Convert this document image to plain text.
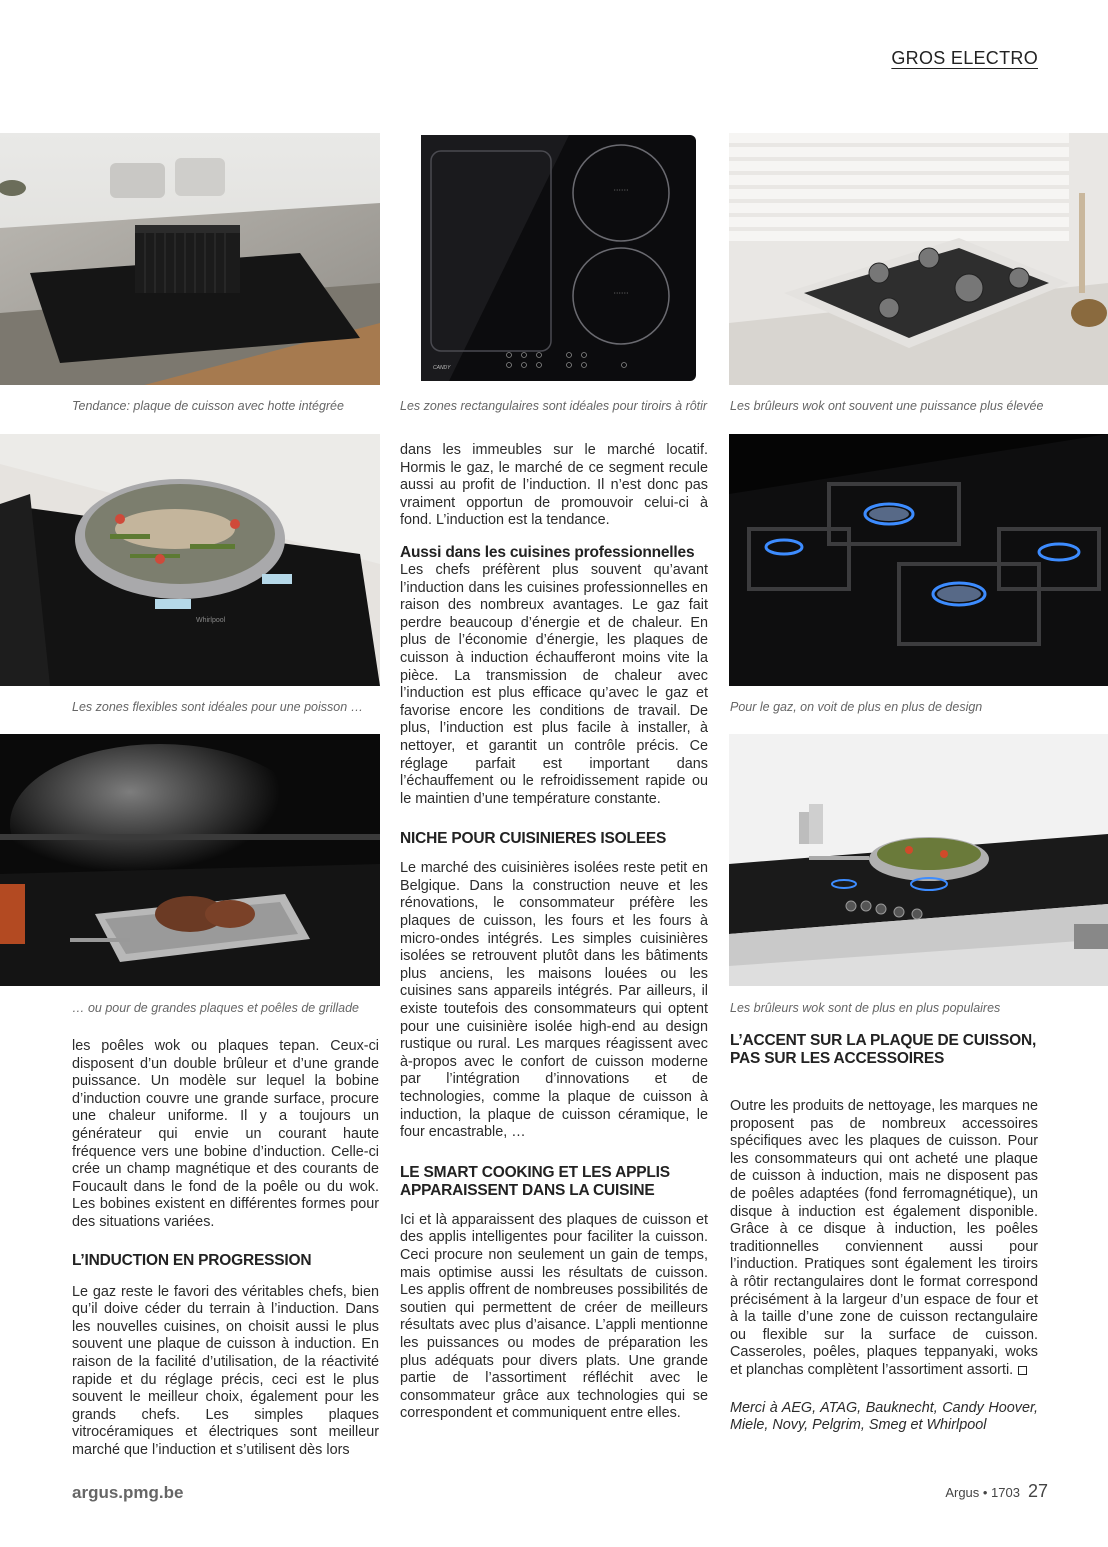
GROS ELECTRO
• • • • • •
• • • • • •
CANDY
Tendance: plaque de cuisson avec hotte intégrée	Les zones rectangulaires sont idéales pour tiroirs à rôtir Les brûleurs wok ont souvent une puissance plus élevée
Whirlpool
Les zones flexibles sont idéales pour une poisson …	Pour le gaz, on voit de plus en plus de design
… ou pour de grandes plaques et poêles de grillade	Les brûleurs wok sont de plus en plus populaires

les poêles wok ou plaques tepan. Ceux-ci disposent d’un double brûleur et d’une grande puissance. Un modèle sur lequel la bobine d’induction couvre une grande surface, procure une chaleur uniforme. Il y a toujours un générateur qui envie un courant haute fréquence vers une bobine d’induction. Celle-ci crée un champ magnétique et des courants de Foucault dans le fond de la poêle ou du wok. Les bobines existent en différentes formes pour des situations variées.

L’INDUCTION EN PROGRESSION

Le gaz reste le favori des véritables chefs, bien qu’il doive céder du terrain à l’induction. Dans les nouvelles cuisines, on choisit aussi le plus souvent une plaque de cuisson à induction. En raison de la facilité d’utilisation, de la réactivité rapide et du réglage précis, ceci est le plus souvent le meilleur choix, également pour les grands chefs. Les simples plaques vitrocéramiques et électriques sont meilleur marché que l’induction et s’utilisent dès lors

dans les immeubles sur le marché locatif. Hormis le gaz, le marché de ce segment recule aussi au profit de l’induction. Il n’est donc pas vraiment opportun de promouvoir celui-ci à fond. L’induction est la tendance.

Aussi dans les cuisines professionnelles

Les chefs préfèrent plus souvent qu’avant l’induction dans les cuisines professionnelles en raison des nombreux avantages. Le gaz fait perdre beaucoup d’énergie et de chaleur. En plus de l’économie d’énergie, les plaques de cuisson à induction échaufferont moins vite la pièce. La transmission de chaleur avec l’induction est plus efficace qu’avec le gaz et favorise encore les conditions de travail. De plus, l’induction est plus facile à installer, à nettoyer, et garantit un contrôle précis. Ce réglage parfait est important dans l’échauffement ou le refroidissement rapide ou le maintien d’une température constante.

NICHE POUR CUISINIERES ISOLEES

Le marché des cuisinières isolées reste petit en Belgique. Dans la construction neuve et les rénovations, le consommateur préfère les plaques de cuisson, les fours et les fours à micro-ondes intégrés. Les simples cuisinières isolées se retrouvent plutôt dans les bâtiments plus anciens, les maisons louées ou les cuisines sans appareils intégrés. Par ailleurs, il existe toutefois des consommateurs qui optent pour une cuisinière isolée high-end au design rustique ou rural. Les marques réagissent avec à-propos avec le confort de cuisson moderne par l’intégration d’innovations et de technologies, comme la plaque de cuisson à induction, la plaque de cuisson céramique, le four encastrable, …

LE SMART COOKING ET LES APPLIS APPARAISSENT DANS LA CUISINE

Ici et là apparaissent des plaques de cuisson et des applis intelligentes pour faciliter la cuisson. Ceci procure non seulement un gain de temps, mais optimise aussi les résultats de cuisson. Les applis offrent de nombreuses possibilités de soutien qui permettent de créer de meilleurs résultats avec plus d’aisance. L’appli mentionne les puissances ou modes de préparation les plus adéquats pour divers plats. Une grande partie de l’assortiment réfléchit avec le consommateur grâce aux technologies qui se correspondent et communiquent entre elles.

L’ACCENT SUR LA PLAQUE DE CUISSON, PAS SUR LES ACCESSOIRES

Outre les produits de nettoyage, les marques ne proposent pas de nombreux accessoires spécifiques avec les plaques de cuisson. Pour les consommateurs qui ont acheté une plaque de cuisson à induction, mais ne disposent pas de poêles adaptées (fond ferromagnétique), un disque à induction est également disponible. Grâce à ce disque à induction, les poêles traditionnelles conviennent aussi pour l’induction. Pratiques sont également les tiroirs à rôtir rectangulaires dont le format correspond précisément à la largeur d’un espace de four et à la taille d’une zone de cuisson rectangulaire ou flexible sur la surface de cuisson. Casseroles, poêles, plaques teppanyaki, woks et planchas complètent l’assortiment assorti.

Merci à AEG, ATAG, Bauknecht, Candy Hoover, Miele, Novy, Pelgrim, Smeg et Whirlpool

argus.pmg.be	Argus • 1703 27
